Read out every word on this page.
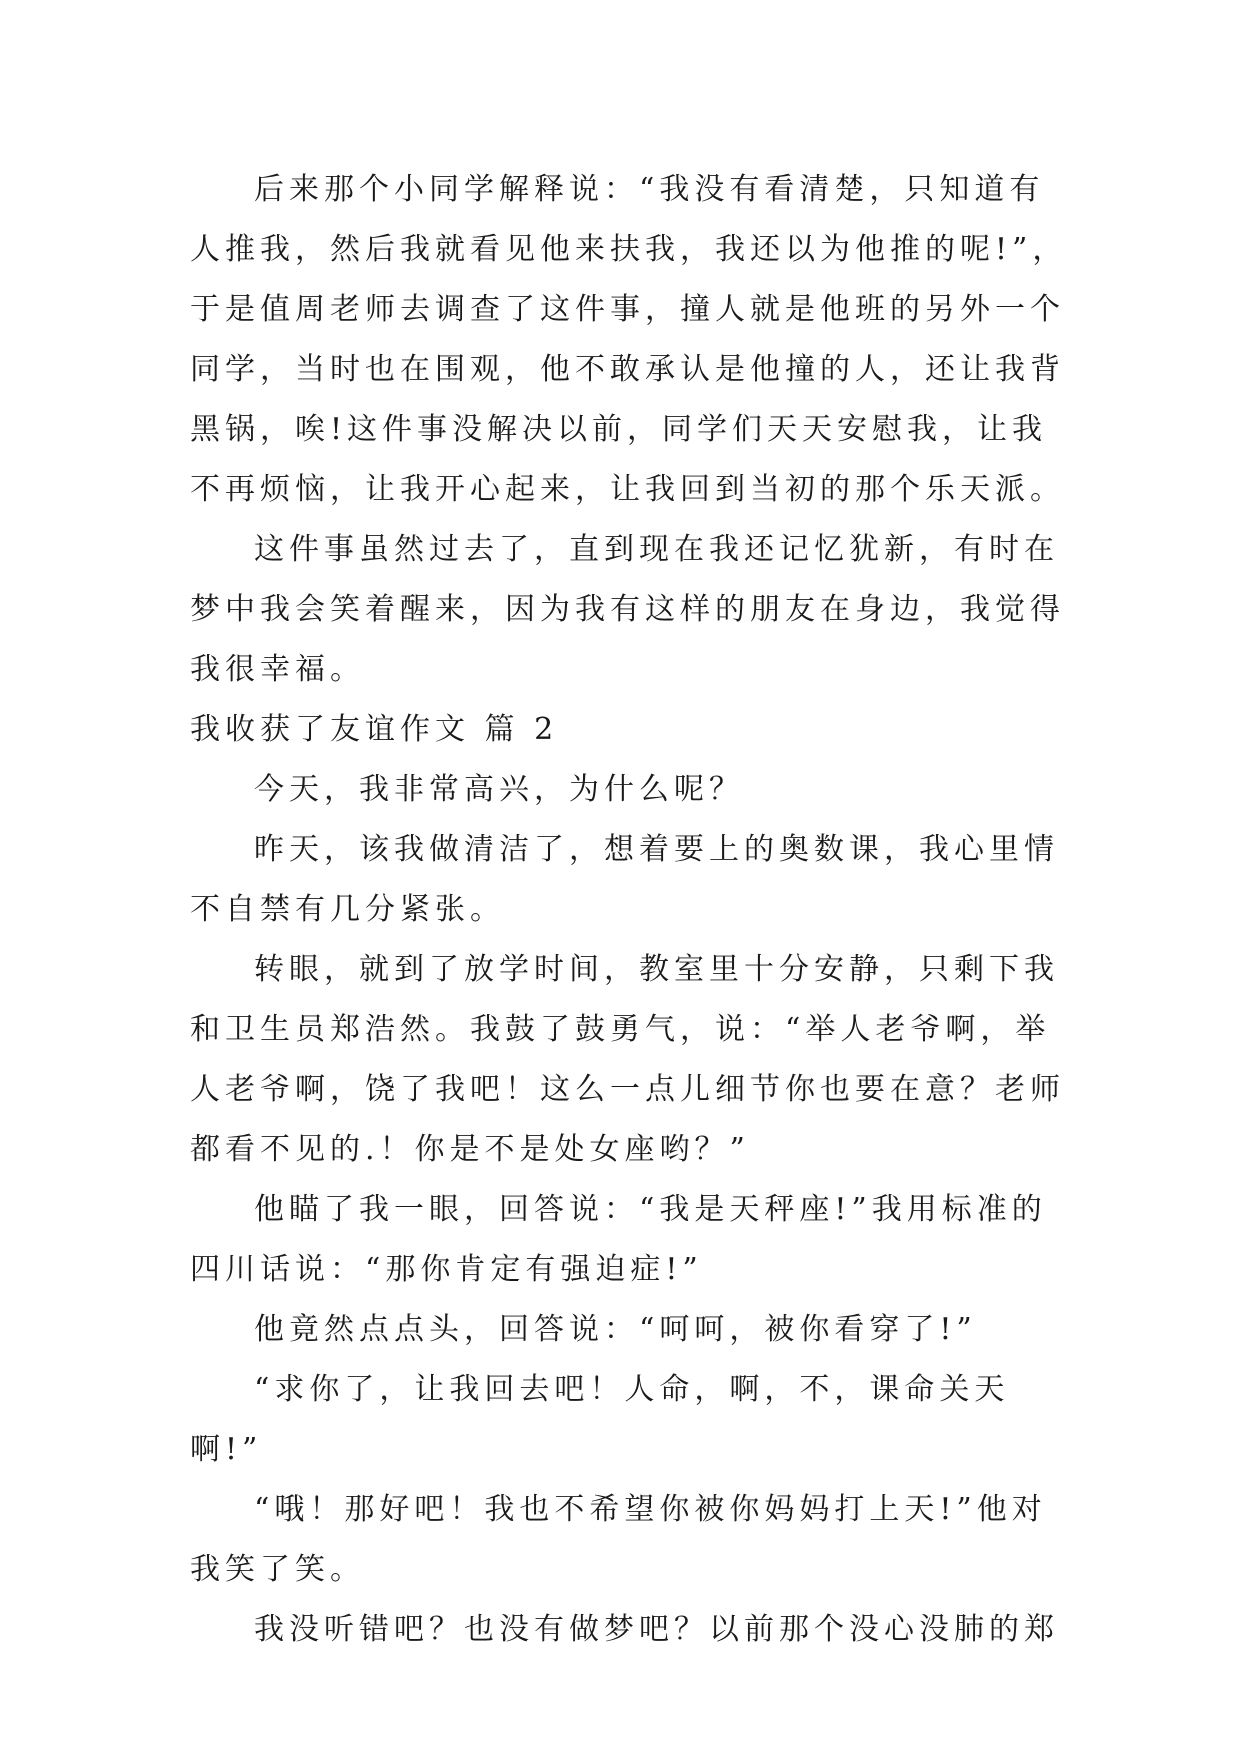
后来那个小同学解释说：“我没有看清楚，只知道有人推我，然后我就看见他来扶我，我还以为他推的呢!”，于是值周老师去调查了这件事，撞人就是他班的另外一个同学，当时也在围观，他不敢承认是他撞的人，还让我背黑锅，唉!这件事没解决以前，同学们天天安慰我，让我不再烦恼，让我开心起来，让我回到当初的那个乐天派。

这件事虽然过去了，直到现在我还记忆犹新，有时在梦中我会笑着醒来，因为我有这样的朋友在身边，我觉得我很幸福。

我收获了友谊作文 篇 2

今天，我非常高兴，为什么呢？

昨天，该我做清洁了，想着要上的奥数课，我心里情不自禁有几分紧张。

转眼，就到了放学时间，教室里十分安静，只剩下我和卫生员郑浩然。我鼓了鼓勇气，说：“举人老爷啊，举人老爷啊，饶了我吧！这么一点儿细节你也要在意？老师都看不见的.！你是不是处女座哟？”

他瞄了我一眼，回答说：“我是天秤座!”我用标准的四川话说：“那你肯定有强迫症!”

他竟然点点头，回答说：“呵呵，被你看穿了!”

“求你了，让我回去吧！人命，啊，不，课命关天啊!”

“哦！那好吧！我也不希望你被你妈妈打上天!”他对我笑了笑。

我没听错吧？也没有做梦吧？以前那个没心没肺的郑
